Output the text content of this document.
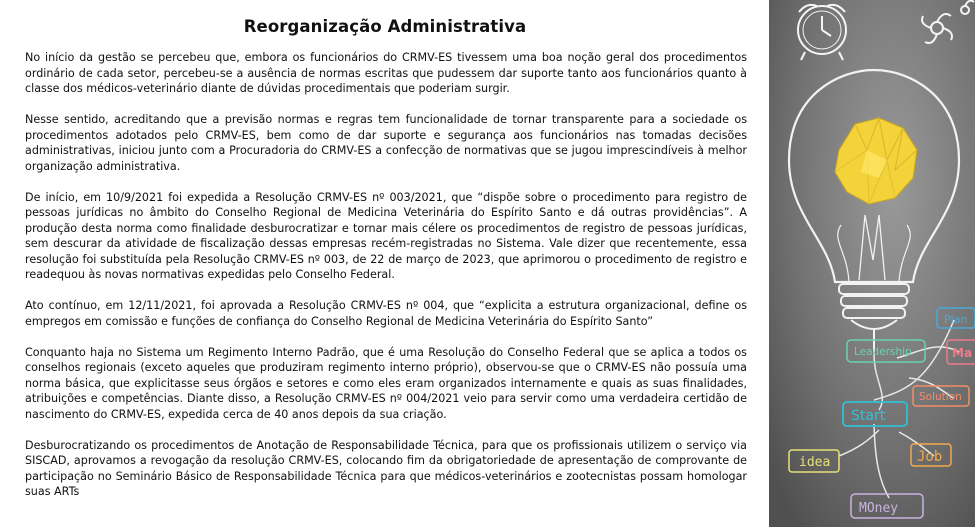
Reorganização Administrativa

No início da gestão se percebeu que, embora os funcionários do CRMV-ES tivessem uma boa noção geral dos procedimentos ordinário de cada setor, percebeu-se a ausência de normas escritas que pudessem dar suporte tanto aos funcionários quanto à classe dos médicos-veterinário diante de dúvidas procedimentais que poderiam surgir.

Nesse sentido, acreditando que a previsão normas e regras tem funcionalidade de tornar transparente para a sociedade os procedimentos adotados pelo CRMV-ES, bem como de dar suporte e segurança aos funcionários nas tomadas decisões administrativas, iniciou junto com a Procuradoria do CRMV-ES a confecção de normativas que se jugou imprescindíveis à melhor organização administrativa.

De início, em 10/9/2021 foi expedida a Resolução CRMV-ES nº 003/2021, que “dispõe sobre o procedimento para registro de pessoas jurídicas no âmbito do Conselho Regional de Medicina Veterinária do Espírito Santo e dá outras providências”. A produção desta norma como finalidade desburocratizar e tornar mais célere os procedimentos de registro de pessoas jurídicas, sem descurar da atividade de fiscalização dessas empresas recém-registradas no Sistema. Vale dizer que recentemente, essa resolução foi substituída pela Resolução CRMV-ES nº 003, de 22 de março de 2023, que aprimorou o procedimento de registro e readequou às novas normativas expedidas pelo Conselho Federal.

Ato contínuo, em 12/11/2021, foi aprovada a Resolução CRMV-ES nº 004, que “explicita a estrutura organizacional, define os empregos em comissão e funções de confiança do Conselho Regional de Medicina Veterinária do Espírito Santo”

Conquanto haja no Sistema um Regimento Interno Padrão, que é uma Resolução do Conselho Federal que se aplica a todos os conselhos regionais (exceto aqueles que produziram regimento interno próprio), observou-se que o CRMV-ES não possuía uma norma básica, que explicitasse seus órgãos e setores e como eles eram organizados internamente e quais as suas finalidades, atribuições e competências. Diante disso, a Resolução CRMV-ES nº 004/2021 veio para servir como uma verdadeira certidão de nascimento do CRMV-ES, expedida cerca de 40 anos depois da sua criação.

Desburocratizando os procedimentos de Anotação de Responsabilidade Técnica, para que os profissionais utilizem o serviço via SISCAD, aprovamos a revogação da resolução CRMV-ES, colocando fim da obrigatoriedade de apresentação de comprovante de participação no Seminário Básico de Responsabilidade Técnica para que médicos-veterinários e zootecnistas possam homologar suas ARTs

Plan
Leadership	Ma
Solution
Start
idea	Job
MOney
